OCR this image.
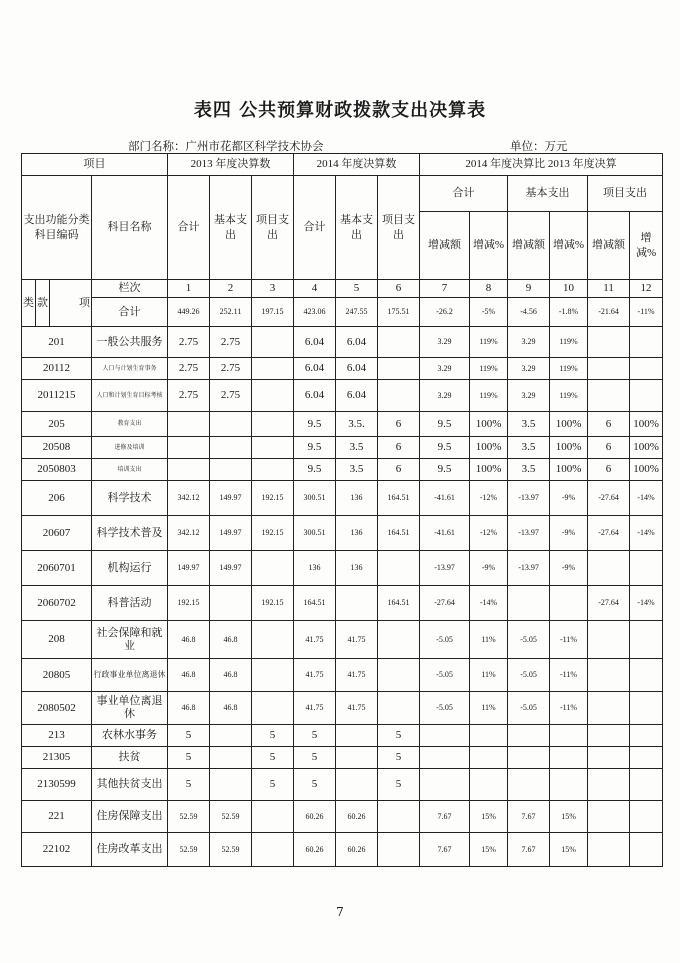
表四 公共预算财政拨款支出决算表
部门名称：广州市花都区科学技术协会	单位：万元
项目				2013 年度决算数			2014 年度决算数			2014 年度决算比 2013 年度决算					
支出功能分类科目编码			科目名称	合计	基本支出	项目支出	合计	基本支出	项目支出	合计		基本支出		项目支出	
										增减额	增减%	增减额	增减%	增减额	增减%
类	款	项	栏次	1	2	3	4	5	6	7	8	9	10	11	12
			合计	449.26	252.11	197.15	423.06	247.55	175.51	-26.2	-5%	-4.56	-1.8%	-21.64	-11%
201			一般公共服务	2.75	2.75		6.04	6.04		3.29	119%	3.29	119%		
20112			人口与计划生育事务	2.75	2.75		6.04	6.04		3.29	119%	3.29	119%		
2011215			人口和计划生育目标考核	2.75	2.75		6.04	6.04		3.29	119%	3.29	119%		
205			教育支出				9.5	3.5.	6	9.5	100%	3.5	100%	6	100%
20508			进修及培训				9.5	3.5	6	9.5	100%	3.5	100%	6	100%
2050803			培训支出				9.5	3.5	6	9.5	100%	3.5	100%	6	100%
206			科学技术	342.12	149.97	192.15	300.51	136	164.51	-41.61	-12%	-13.97	-9%	-27.64	-14%
20607			科学技术普及	342.12	149.97	192.15	300.51	136	164.51	-41.61	-12%	-13.97	-9%	-27.64	-14%
2060701			机构运行	149.97	149.97		136	136		-13.97	-9%	-13.97	-9%		
2060702			科普活动	192.15		192.15	164.51		164.51	-27.64	-14%			-27.64	-14%
208			社会保障和就业	46.8	46.8		41.75	41.75		-5.05	11%	-5.05	-11%		
20805			行政事业单位离退休	46.8	46.8		41.75	41.75		-5.05	11%	-5.05	-11%		
2080502			事业单位离退休	46.8	46.8		41.75	41.75		-5.05	11%	-5.05	-11%		
213			农林水事务	5		5	5		5						
21305			扶贫	5		5	5		5						
2130599			其他扶贫支出	5		5	5		5						
221			住房保障支出	52.59	52.59		60.26	60.26		7.67	15%	7.67	15%		
22102			住房改革支出	52.59	52.59		60.26	60.26		7.67	15%	7.67	15%		
7
